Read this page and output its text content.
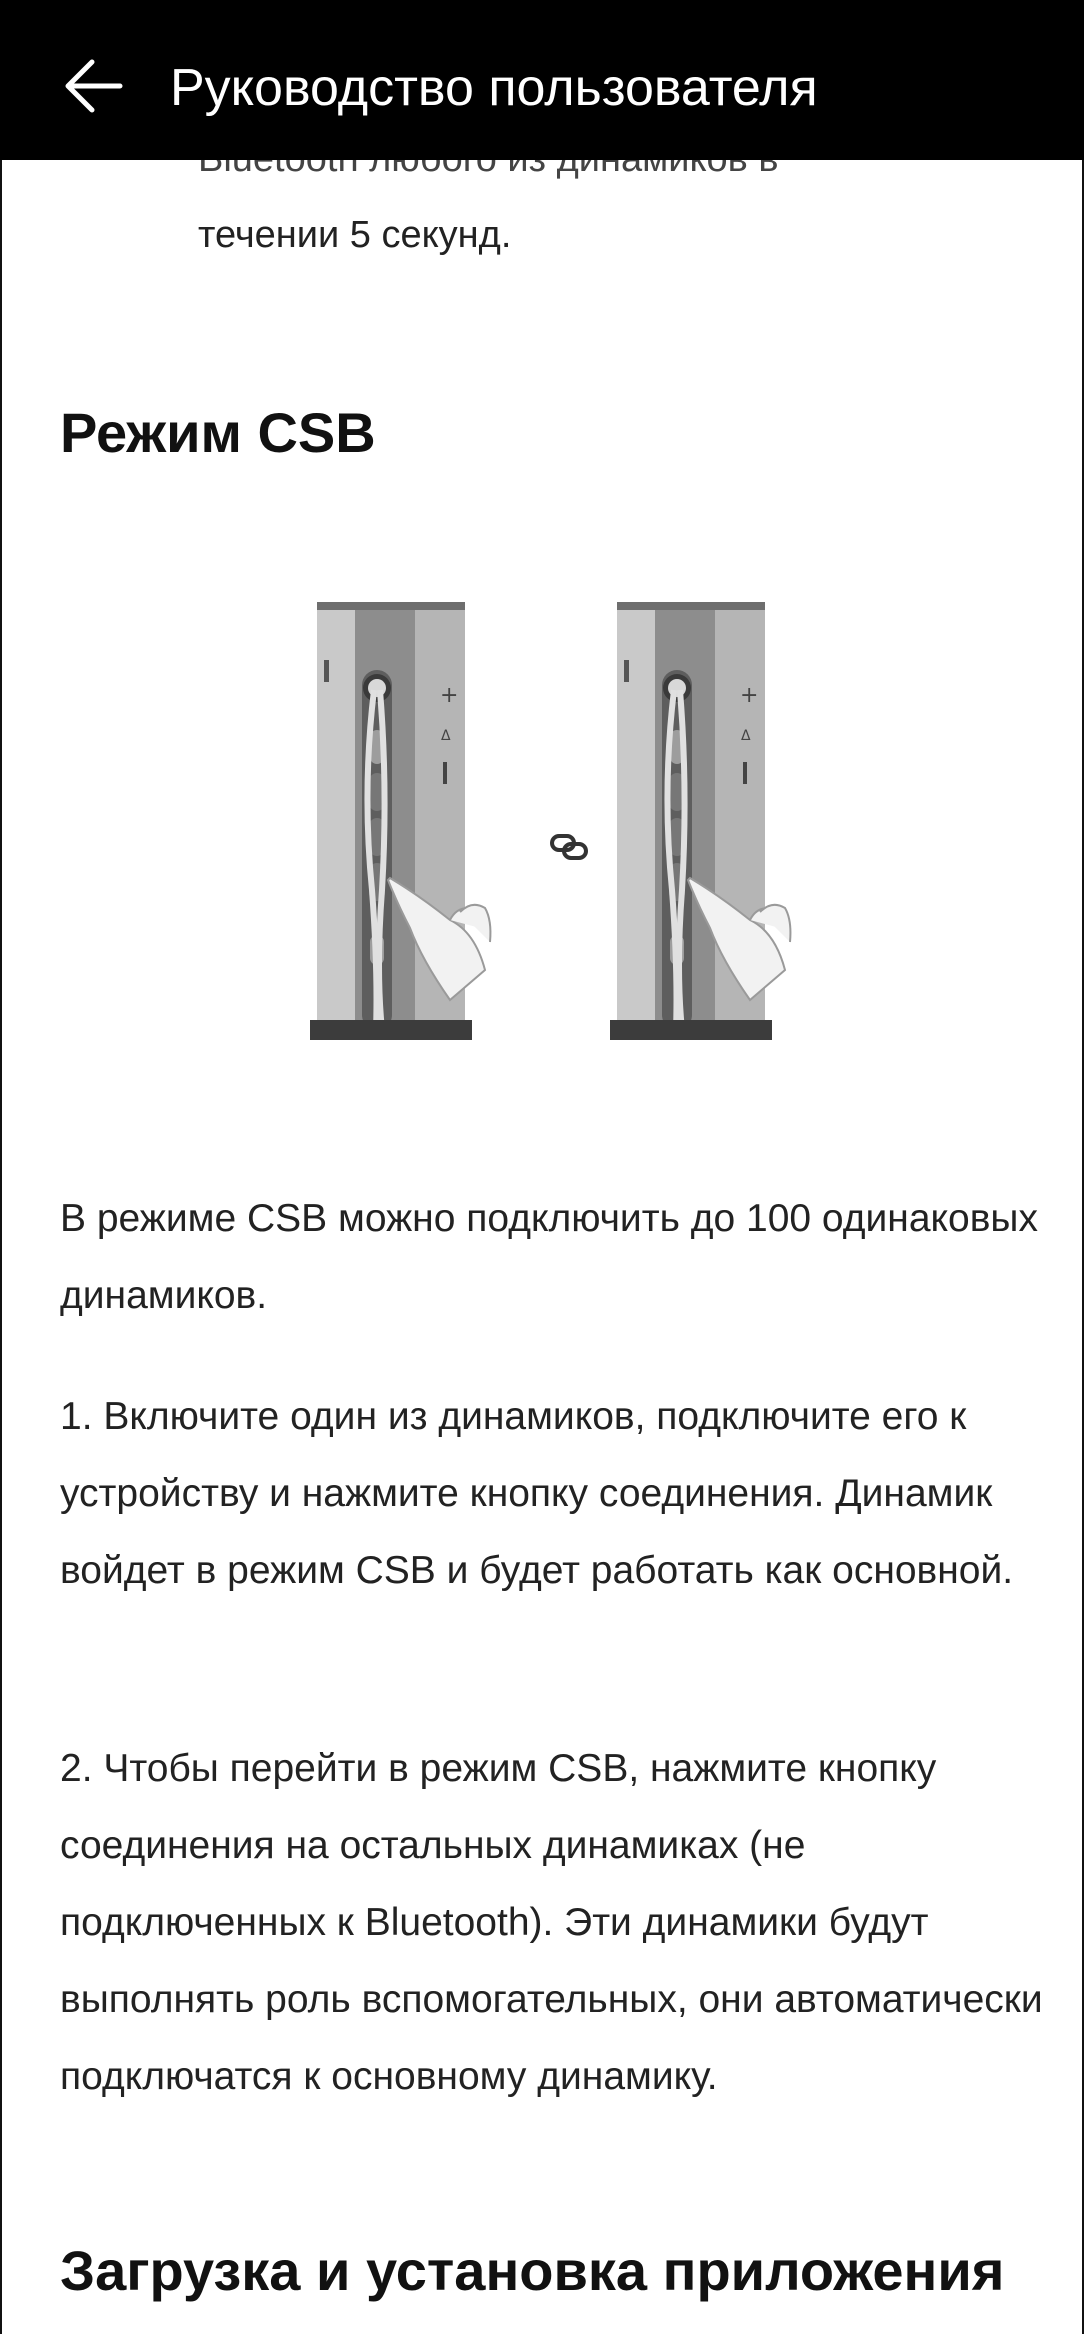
течении 5 секунд.
Режим CSB
+
Δ
+
Δ
В режиме CSB можно подключить до 100 одинаковых динамиков.
1. Включите один из динамиков, подключите его к устройству и нажмите кнопку соединения. Динамик войдет в режим CSB и будет работать как основной.
2. Чтобы перейти в режим CSB, нажмите кнопку соединения на остальных динамиках (не подключенных к Bluetooth). Эти динамики будут выполнять роль вспомогательных, они автоматически подключатся к основному динамику.
Загрузка и установка приложения
Руководство пользователя
